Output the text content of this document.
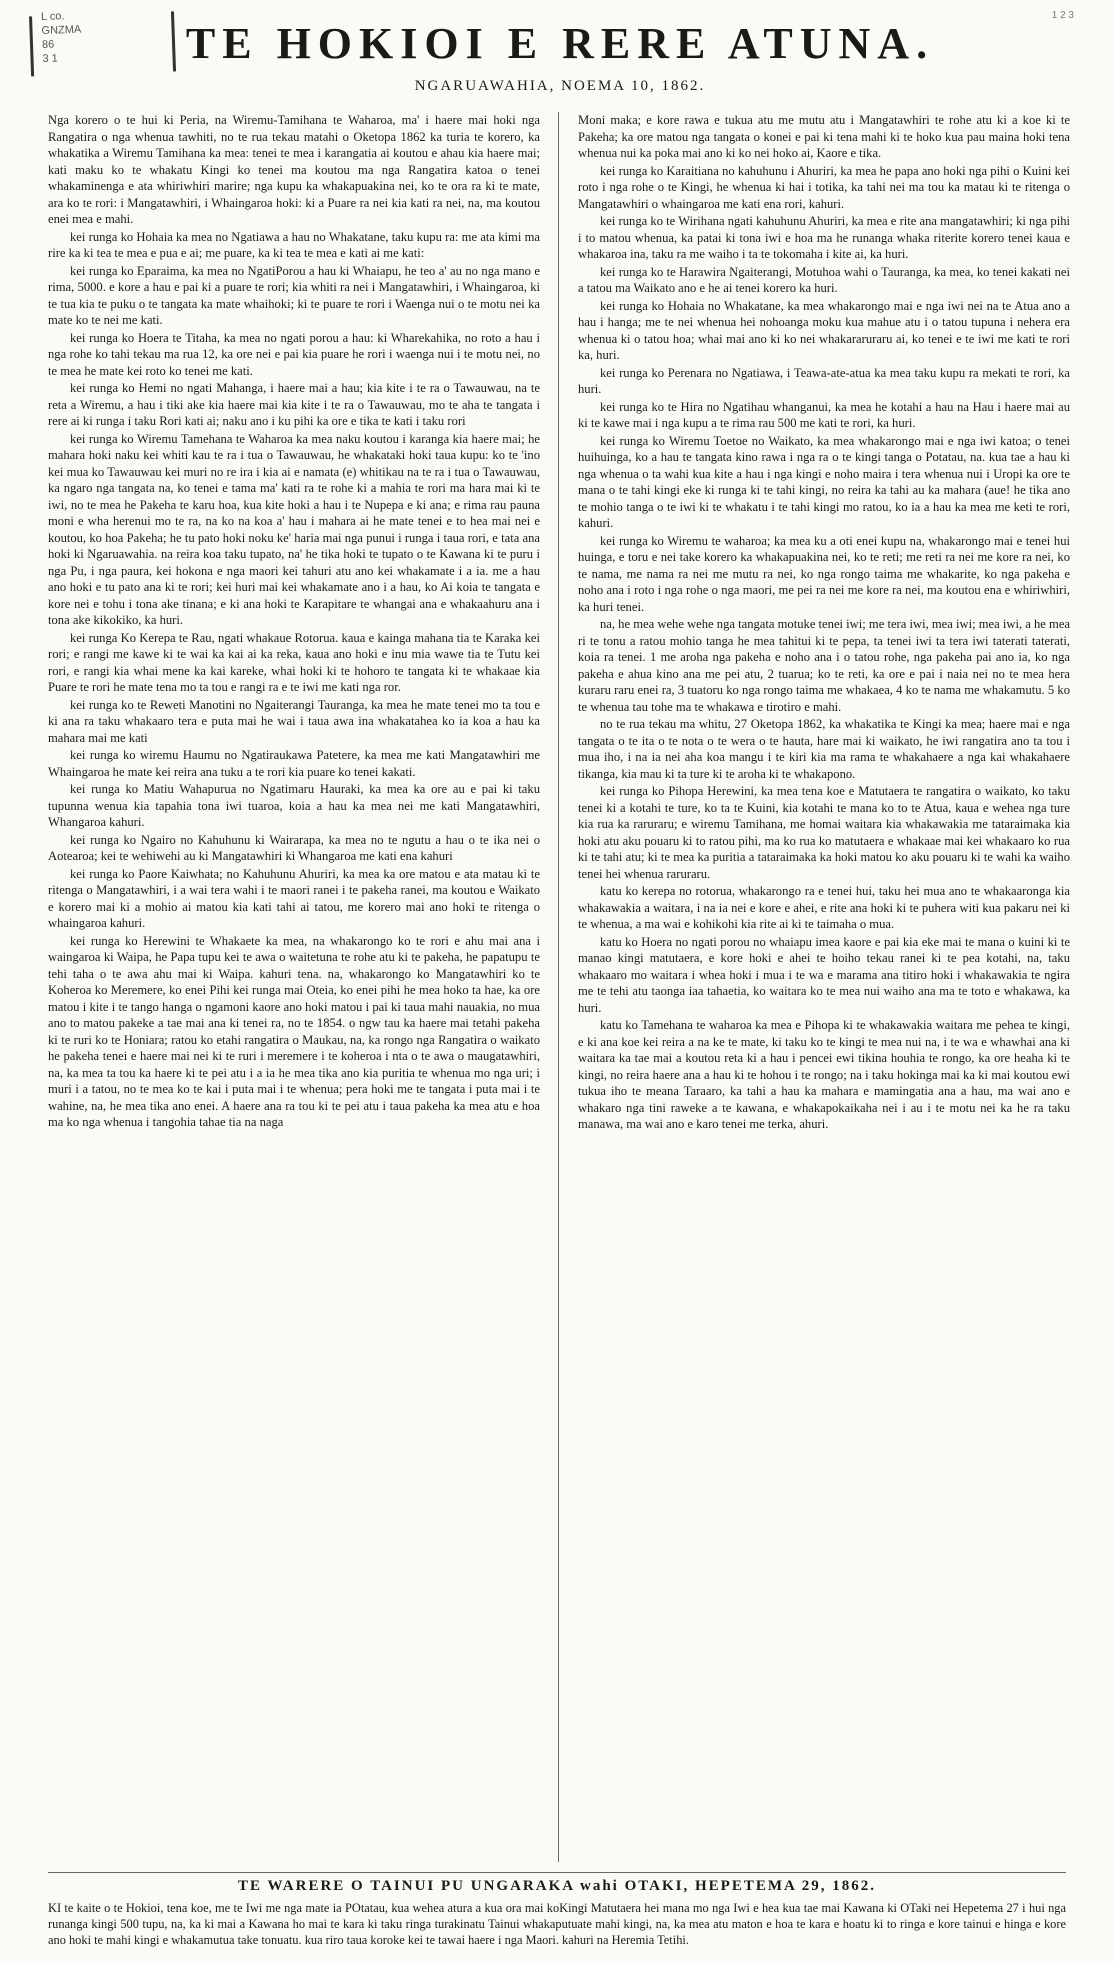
L co.
GNZMA
86
3 1
1 2 3
TE HOKIOI E RERE ATUNA.
NGARUAWAHIA, NOEMA 10, 1862.

Nga korero o te hui ki Peria, na Wiremu-Tamihana te Waharoa, ma' i haere mai hoki nga Rangatira o nga whenua tawhiti, no te rua tekau matahi o Oketopa 1862 ka turia te korero, ka whakatika a Wiremu Tamihana ka mea: tenei te mea i karangatia ai koutou e ahau kia haere mai; kati maku ko te whakatu Kingi ko tenei ma koutou ma nga Rangatira katoa o tenei whakaminenga e ata whiriwhiri marire; nga kupu ka whakapuakina nei, ko te ora ra ki te mate, ara ko te rori: i Mangatawhiri, i Whaingaroa hoki: ki a Puare ra nei kia kati ra nei, na, ma koutou enei mea e mahi.

kei runga ko Hohaia ka mea no Ngatiawa a hau no Whakatane, taku kupu ra: me ata kimi ma rire ka ki tea te mea e pua e ai; me puare, ka ki tea te mea e kati ai me kati:

kei runga ko Eparaima, ka mea no NgatiPorou a hau ki Whaiapu, he teo a' au no nga mano e rima, 5000. e kore a hau e pai ki a puare te rori; kia whiti ra nei i Mangatawhiri, i Whaingaroa, ki te tua kia te puku o te tangata ka mate whaihoki; ki te puare te rori i Waenga nui o te motu nei ka mate ko te nei me kati.

kei runga ko Hoera te Titaha, ka mea no ngati porou a hau: ki Wharekahika, no roto a hau i nga rohe ko tahi tekau ma rua 12, ka ore nei e pai kia puare he rori i waenga nui i te motu nei, no te mea he mate kei roto ko tenei me kati.

kei runga ko Hemi no ngati Mahanga, i haere mai a hau; kia kite i te ra o Tawauwau, na te reta a Wiremu, a hau i tiki ake kia haere mai kia kite i te ra o Tawauwau, mo te aha te tangata i rere ai ki runga i taku Rori kati ai; naku ano i ku pihi ka ore e tika te kati i taku rori

kei runga ko Wiremu Tamehana te Waharoa ka mea naku koutou i karanga kia haere mai; he mahara hoki naku kei whiti kau te ra i tua o Tawauwau, he whakataki hoki taua kupu: ko te 'ino kei mua ko Tawauwau kei muri no re ira i kia ai e namata (e) whitikau na te ra i tua o Tawauwau, ka ngaro nga tangata na, ko tenei e tama ma' kati ra te rohe ki a mahia te rori ma hara mai ki te iwi, no te mea he Pakeha te karu hoa, kua kite hoki a hau i te Nupepa e ki ana; e rima rau pauna moni e wha herenui mo te ra, na ko na koa a' hau i mahara ai he mate tenei e to hea mai nei e koutou, ko hoa Pakeha; he tu pato hoki noku ke' haria mai nga punui i runga i taua rori, e tata ana hoki ki Ngaruawahia. na reira koa taku tupato, na' he tika hoki te tupato o te Kawana ki te puru i nga Pu, i nga paura, kei hokona e nga maori kei tahuri atu ano kei whakamate i a ia. me a hau ano hoki e tu pato ana ki te rori; kei huri mai kei whakamate ano i a hau, ko Ai koia te tangata e kore nei e tohu i tona ake tinana; e ki ana hoki te Karapitare te whangai ana e whakaahuru ana i tona ake kikokiko, ka huri.

kei runga Ko Kerepa te Rau, ngati whakaue Rotorua. kaua e kainga mahana tia te Karaka kei rori; e rangi me kawe ki te wai ka kai ai ka reka, kaua ano hoki e inu mia wawe tia te Tutu kei rori, e rangi kia whai mene ka kai kareke, whai hoki ki te hohoro te tangata ki te whakaae kia Puare te rori he mate tena mo ta tou e rangi ra e te iwi me kati nga ror.

kei runga ko te Reweti Manotini no Ngaiterangi Tauranga, ka mea he mate tenei mo ta tou e ki ana ra taku whakaaro tera e puta mai he wai i taua awa ina whakatahea ko ia koa a hau ka mahara mai me kati

kei runga ko wiremu Haumu no Ngatiraukawa Patetere, ka mea me kati Mangatawhiri me Whaingaroa he mate kei reira ana tuku a te rori kia puare ko tenei kakati.

kei runga ko Matiu Wahapurua no Ngatimaru Hauraki, ka mea ka ore au e pai ki taku tupunna wenua kia tapahia tona iwi tuaroa, koia a hau ka mea nei me kati Mangatawhiri, Whangaroa kahuri.

kei runga ko Ngairo no Kahuhunu ki Wairarapa, ka mea no te ngutu a hau o te ika nei o Aotearoa; kei te wehiwehi au ki Mangatawhiri ki Whangaroa me kati ena kahuri

kei runga ko Paore Kaiwhata; no Kahuhunu Ahuriri, ka mea ka ore matou e ata matau ki te ritenga o Mangatawhiri, i a wai tera wahi i te maori ranei i te pakeha ranei, ma koutou e Waikato e korero mai ki a mohio ai matou kia kati tahi ai tatou, me korero mai ano hoki te ritenga o whaingaroa kahuri.

kei runga ko Herewini te Whakaete ka mea, na whakarongo ko te rori e ahu mai ana i waingaroa ki Waipa, he Papa tupu kei te awa o waitetuna te rohe atu ki te pakeha, he papatupu te tehi taha o te awa ahu mai ki Waipa. kahuri tena. na, whakarongo ko Mangatawhiri ko te Koheroa ko Meremere, ko enei Pihi kei runga mai Oteia, ko enei pihi he mea hoko ta hae, ka ore matou i kite i te tango hanga o ngamoni kaore ano hoki matou i pai ki taua mahi nauakia, no mua ano to matou pakeke a tae mai ana ki tenei ra, no te 1854. o ngw tau ka haere mai tetahi pakeha ki te ruri ko te Honiara; ratou ko etahi rangatira o Maukau, na, ka rongo nga Rangatira o waikato he pakeha tenei e haere mai nei ki te ruri i meremere i te koheroa i nta o te awa o maugatawhiri, na, ka mea ta tou ka haere ki te pei atu i a ia he mea tika ano kia puritia te whenua mo nga uri; i muri i a tatou, no te mea ko te kai i puta mai i te whenua; pera hoki me te tangata i puta mai i te wahine, na, he mea tika ano enei. A haere ana ra tou ki te pei atu i taua pakeha ka mea atu e hoa ma ko nga whenua i tangohia tahae tia na naga

Moni maka; e kore rawa e tukua atu me mutu atu i Mangatawhiri te rohe atu ki a koe ki te Pakeha; ka ore matou nga tangata o konei e pai ki tena mahi ki te hoko kua pau maina hoki tena whenua nui ka poka mai ano ki ko nei hoko ai, Kaore e tika.

kei runga ko Karaitiana no kahuhunu i Ahuriri, ka mea he papa ano hoki nga pihi o Kuini kei roto i nga rohe o te Kingi, he whenua ki hai i totika, ka tahi nei ma tou ka matau ki te ritenga o Mangatawhiri o whaingaroa me kati ena rori, kahuri.

kei runga ko te Wirihana ngati kahuhunu Ahuriri, ka mea e rite ana mangatawhiri; ki nga pihi i to matou whenua, ka patai ki tona iwi e hoa ma he runanga whaka riterite korero tenei kaua e whakaroa ina, taku ra me waiho i ta te tokomaha i kite ai, ka huri.

kei runga ko te Harawira Ngaiterangi, Motuhoa wahi o Tauranga, ka mea, ko tenei kakati nei a tatou ma Waikato ano e he ai tenei korero ka huri.

kei runga ko Hohaia no Whakatane, ka mea whakarongo mai e nga iwi nei na te Atua ano a hau i hanga; me te nei whenua hei nohoanga moku kua mahue atu i o tatou tupuna i nehera era whenua ki o tatou hoa; whai mai ano ki ko nei whakararuraru ai, ko tenei e te iwi me kati te rori ka, huri.

kei runga ko Perenara no Ngatiawa, i Teawa-ate-atua ka mea taku kupu ra mekati te rori, ka huri.

kei runga ko te Hira no Ngatihau whanganui, ka mea he kotahi a hau na Hau i haere mai au ki te kawe mai i nga kupu a te rima rau 500 me kati te rori, ka huri.

kei runga ko Wiremu Toetoe no Waikato, ka mea whakarongo mai e nga iwi katoa; o tenei huihuinga, ko a hau te tangata kino rawa i nga ra o te kingi tanga o Potatau, na. kua tae a hau ki nga whenua o ta wahi kua kite a hau i nga kingi e noho maira i tera whenua nui i Uropi ka ore te mana o te tahi kingi eke ki runga ki te tahi kingi, no reira ka tahi au ka mahara (aue! he tika ano te mohio tanga o te iwi ki te whakatu i te tahi kingi mo ratou, ko ia a hau ka mea me keti te rori, kahuri.

kei runga ko Wiremu te waharoa; ka mea ku a oti enei kupu na, whakarongo mai e tenei hui huinga, e toru e nei take korero ka whakapuakina nei, ko te reti; me reti ra nei me kore ra nei, ko te nama, me nama ra nei me mutu ra nei, ko nga rongo taima me whakarite, ko nga pakeha e noho ana i roto i nga rohe o nga maori, me pei ra nei me kore ra nei, ma koutou ena e whiriwhiri, ka huri tenei.

na, he mea wehe wehe nga tangata motuke tenei iwi; me tera iwi, mea iwi; mea iwi, a he mea ri te tonu a ratou mohio tanga he mea tahitui ki te pepa, ta tenei iwi ta tera iwi taterati taterati, koia ra tenei. 1 me aroha nga pakeha e noho ana i o tatou rohe, nga pakeha pai ano ia, ko nga pakeha e ahua kino ana me pei atu, 2 tuarua; ko te reti, ka ore e pai i naia nei no te mea hera kuraru raru enei ra, 3 tuatoru ko nga rongo taima me whakaea, 4 ko te nama me whakamutu. 5 ko te whenua tau tohe ma te whakawa e tirotiro e mahi.

no te rua tekau ma whitu, 27 Oketopa 1862, ka whakatika te Kingi ka mea; haere mai e nga tangata o te ita o te nota o te wera o te hauta, hare mai ki waikato, he iwi rangatira ano ta tou i mua iho, i na ia nei aha koa mangu i te kiri kia ma rama te whakahaere a nga kai whakahaere tikanga, kia mau ki ta ture ki te aroha ki te whakapono.

kei runga ko Pihopa Herewini, ka mea tena koe e Matutaera te rangatira o waikato, ko taku tenei ki a kotahi te ture, ko ta te Kuini, kia kotahi te mana ko to te Atua, kaua e wehea nga ture kia rua ka raruraru; e wiremu Tamihana, me homai waitara kia whakawakia me tataraimaka kia hoki atu aku pouaru ki to ratou pihi, ma ko rua ko matutaera e whakaae mai kei whakaaro ko rua ki te tahi atu; ki te mea ka puritia a tataraimaka ka hoki matou ko aku pouaru ki te wahi ka waiho tenei hei whenua raruraru.

katu ko kerepa no rotorua, whakarongo ra e tenei hui, taku hei mua ano te whakaaronga kia whakawakia a waitara, i na ia nei e kore e ahei, e rite ana hoki ki te puhera witi kua pakaru nei ki te whenua, a ma wai e kohikohi kia rite ai ki te taimaha o mua.

katu ko Hoera no ngati porou no whaiapu imea kaore e pai kia eke mai te mana o kuini ki te manao kingi matutaera, e kore hoki e ahei te hoiho tekau ranei ki te pea kotahi, na, taku whakaaro mo waitara i whea hoki i mua i te wa e marama ana titiro hoki i whakawakia te ngira me te tehi atu taonga iaa tahaetia, ko waitara ko te mea nui waiho ana ma te toto e whakawa, ka huri.

katu ko Tamehana te waharoa ka mea e Pihopa ki te whakawakia waitara me pehea te kingi, e ki ana koe kei reira a na ke te mate, ki taku ko te kingi te mea nui na, i te wa e whawhai ana ki waitara ka tae mai a koutou reta ki a hau i pencei ewi tikina houhia te rongo, ka ore heaha ki te kingi, no reira haere ana a hau ki te hohou i te rongo; na i taku hokinga mai ka ki mai koutou ewi tukua iho te meana Taraaro, ka tahi a hau ka mahara e mamingatia ana a hau, ma wai ano e whakaro nga tini raweke a te kawana, e whakapokaikaha nei i au i te motu nei ka he ra taku manawa, ma wai ano e karo tenei me terka, ahuri.

TE WARERE O TAINUI PU UNGARAKA wahi OTAKI, HEPETEMA 29, 1862.

KI te kaite o te Hokioi, tena koe, me te Iwi me nga mate ia POtatau, kua wehea atura a kua ora mai koKingi Matutaera hei mana mo nga Iwi e hea kua tae mai Kawana ki OTaki nei Hepetema 27 i hui nga runanga kingi 500 tupu, na, ka ki mai a Kawana ho mai te kara ki taku ringa turakinatu Tainui whakaputuate mahi kingi, na, ka mea atu maton e hoa te kara e hoatu ki to ringa e kore tainui e hinga e kore ano hoki te mahi kingi e whakamutua take tonuatu. kua riro taua koroke kei te tawai haere i nga Maori. kahuri na Heremia Tetihi.
